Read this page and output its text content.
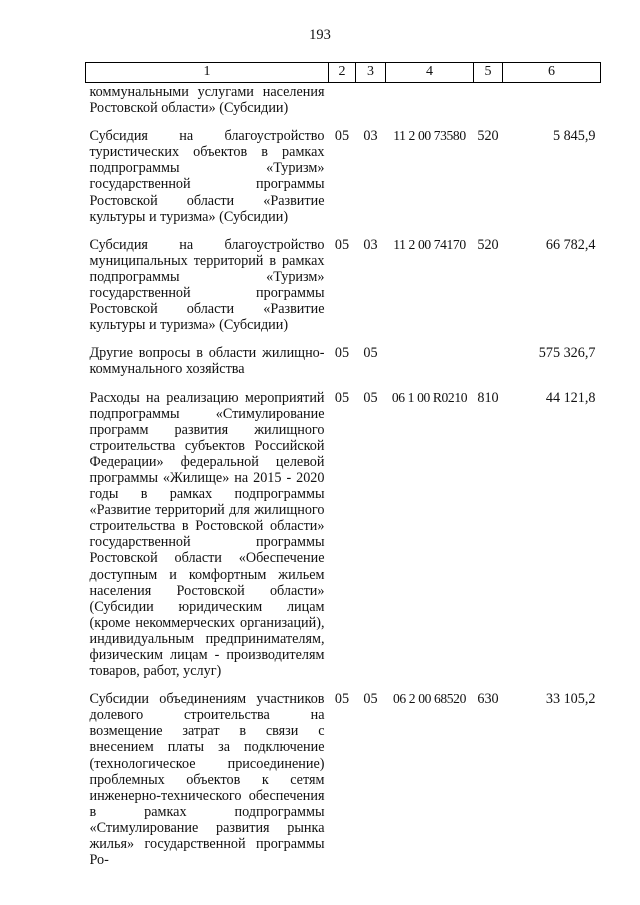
193
1	2	3	4	5	6
коммунальными услугами населения Ростовской области» (Субсидии)					
Субсидия на благоустройство туристических объектов в рамках подпрограммы «Туризм» государственной программы Ростовской области «Развитие культуры и туризма» (Субсидии)	05	03	11 2 00 73580	520	5 845,9
Субсидия на благоустройство муниципальных территорий в рамках подпрограммы «Туризм» государственной программы Ростовской области «Развитие культуры и туризма» (Субсидии)	05	03	11 2 00 74170	520	66 782,4
Другие вопросы в области жилищно-коммунального хозяйства	05	05			575 326,7
Расходы на реализацию мероприятий подпрограммы «Стимулирование программ развития жилищного строительства субъектов Российской Федерации» федеральной целевой программы «Жилище» на 2015 - 2020 годы в рамках подпрограммы «Развитие территорий для жилищного строительства в Ростовской области» государственной программы Ростовской области «Обеспечение доступным и комфортным жильем населения Ростовской области» (Субсидии юридическим лицам (кроме некоммерческих организаций), индивидуальным предпринимателям, физическим лицам - производителям товаров, работ, услуг)	05	05	06 1 00 R0210	810	44 121,8
Субсидии объединениям участников долевого строительства на возмещение затрат в связи с внесением платы за подключение (технологическое присоединение) проблемных объектов к сетям инженерно-технического обеспечения в рамках подпрограммы «Стимулирование развития рынка жилья» государственной программы Ро-	05	05	06 2 00 68520	630	33 105,2
